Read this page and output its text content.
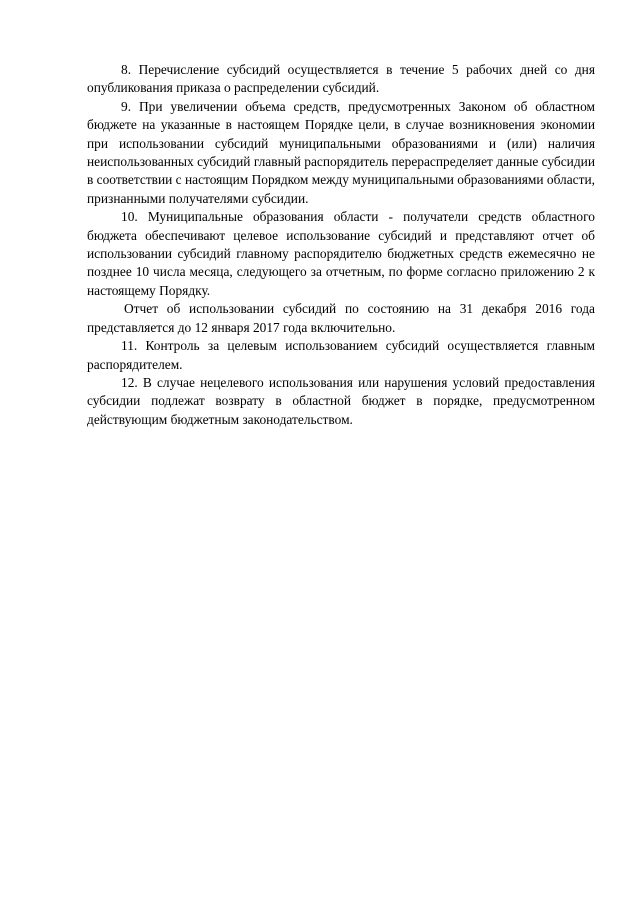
8. Перечисление субсидий осуществляется в течение 5 рабочих дней со дня опубликования приказа о распределении субсидий.

9. При увеличении объема средств, предусмотренных Законом об областном бюджете на указанные в настоящем Порядке цели, в случае возникновения экономии при использовании субсидий муниципальными образованиями и (или) наличия неиспользованных субсидий главный распорядитель перераспределяет данные субсидии в соответствии с настоящим Порядком между муниципальными образованиями области, признанными получателями субсидии.

10. Муниципальные образования области - получатели средств областного бюджета обеспечивают целевое использование субсидий и представляют отчет об использовании субсидий главному распорядителю бюджетных средств ежемесячно не позднее 10 числа месяца, следующего за отчетным, по форме согласно приложению 2 к настоящему Порядку.

Отчет об использовании субсидий по состоянию на 31 декабря 2016 года представляется до 12 января 2017 года включительно.

11. Контроль за целевым использованием субсидий осуществляется главным распорядителем.

12. В случае нецелевого использования или нарушения условий предоставления субсидии подлежат возврату в областной бюджет в порядке, предусмотренном действующим бюджетным законодательством.
